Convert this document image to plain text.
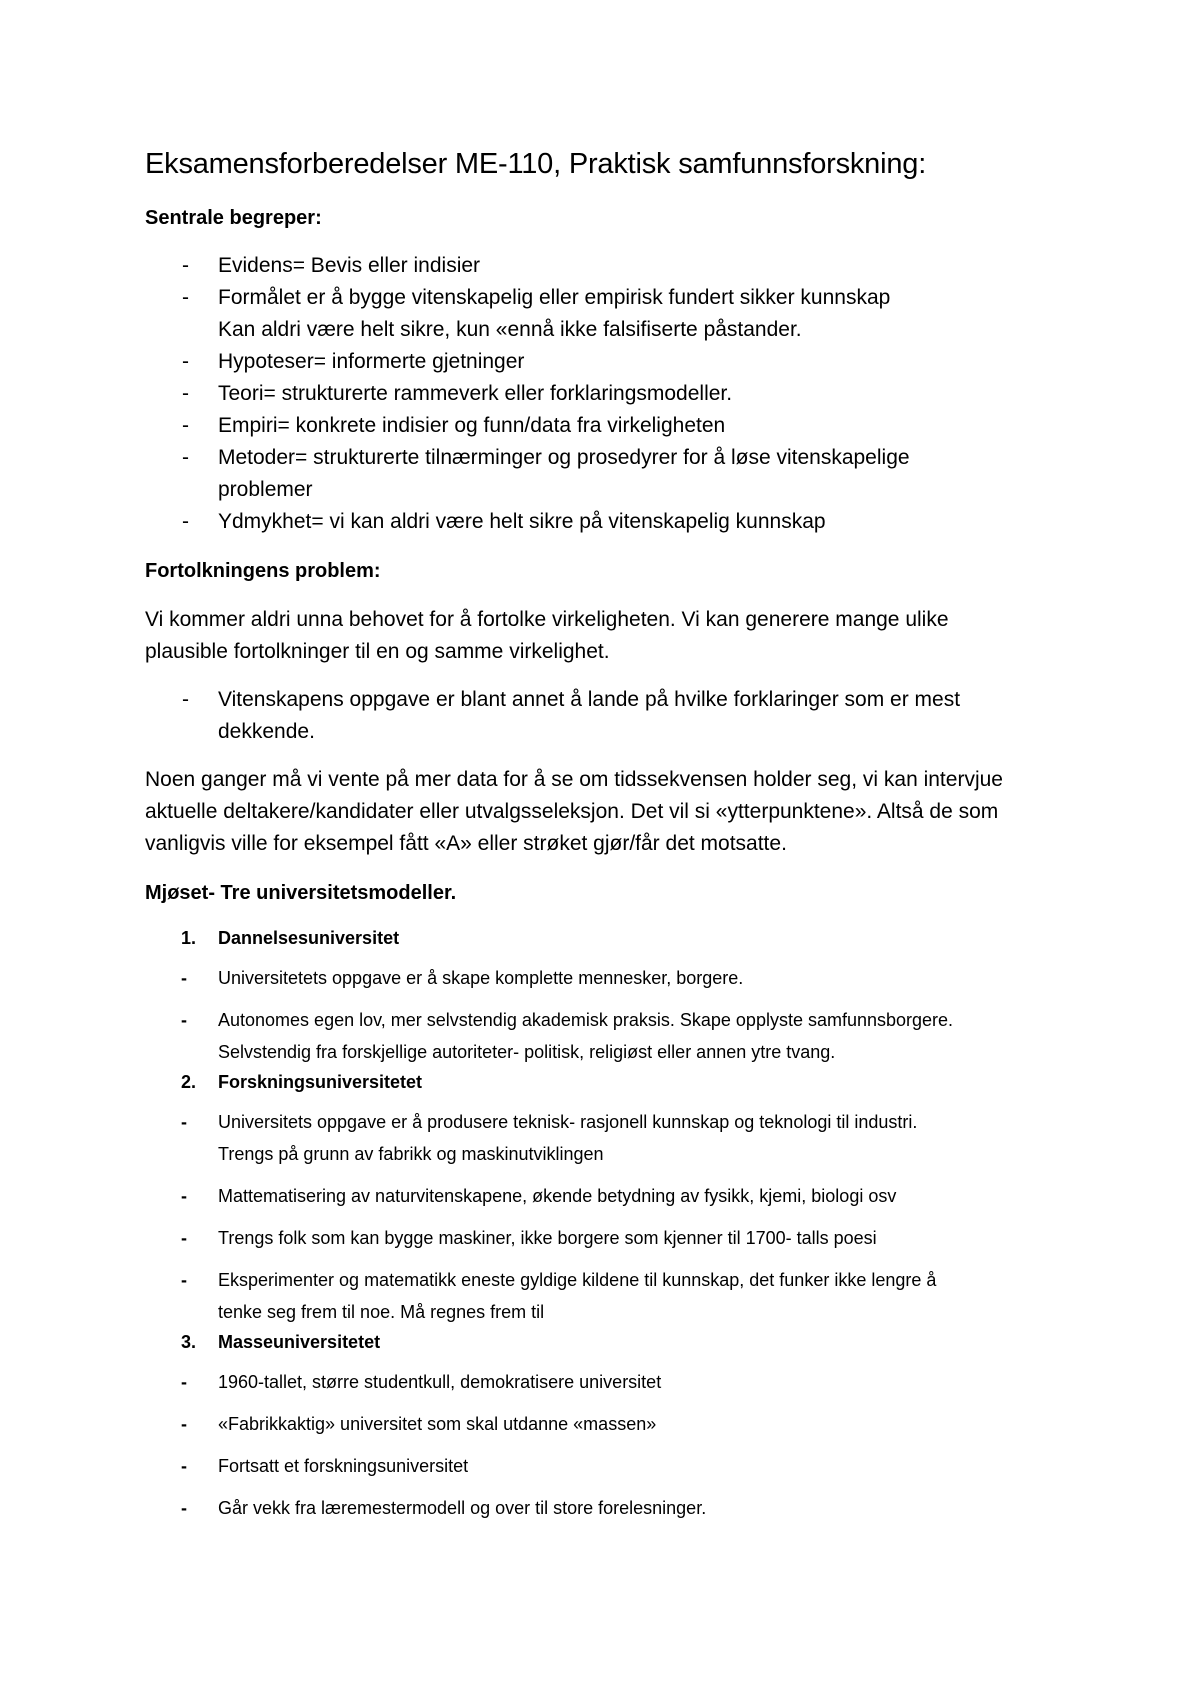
Eksamensforberedelser ME-110, Praktisk samfunnsforskning:
Sentrale begreper:
-	Evidens= Bevis eller indisier
-	Formålet er å bygge vitenskapelig eller empirisk fundert sikker kunnskap
Kan aldri være helt sikre, kun «ennå ikke falsifiserte påstander.
-	Hypoteser= informerte gjetninger
-	Teori= strukturerte rammeverk eller forklaringsmodeller.
-	Empiri= konkrete indisier og funn/data fra virkeligheten
-	Metoder= strukturerte tilnærminger og prosedyrer for å løse vitenskapelige
problemer
-	Ydmykhet= vi kan aldri være helt sikre på vitenskapelig kunnskap
Fortolkningens problem:
Vi kommer aldri unna behovet for å fortolke virkeligheten. Vi kan generere mange ulike
plausible fortolkninger til en og samme virkelighet.
-	Vitenskapens oppgave er blant annet å lande på hvilke forklaringer som er mest
dekkende.
Noen ganger må vi vente på mer data for å se om tidssekvensen holder seg, vi kan intervjue
aktuelle deltakere/kandidater eller utvalgsseleksjon. Det vil si «ytterpunktene». Altså de som
vanligvis ville for eksempel fått «A» eller strøket gjør/får det motsatte.
Mjøset- Tre universitetsmodeller.
1. Dannelsesuniversitet
-	Universitetets oppgave er å skape komplette mennesker, borgere.
-	Autonomes egen lov, mer selvstendig akademisk praksis. Skape opplyste samfunnsborgere.
Selvstendig fra forskjellige autoriteter- politisk, religiøst eller annen ytre tvang.
2. Forskningsuniversitetet
-	Universitets oppgave er å produsere teknisk- rasjonell kunnskap og teknologi til industri.
Trengs på grunn av fabrikk og maskinutviklingen
-	Mattematisering av naturvitenskapene, økende betydning av fysikk, kjemi, biologi osv
-	Trengs folk som kan bygge maskiner, ikke borgere som kjenner til 1700- talls poesi
-	Eksperimenter og matematikk eneste gyldige kildene til kunnskap, det funker ikke lengre å
tenke seg frem til noe. Må regnes frem til
3. Masseuniversitetet
-	1960-tallet, større studentkull, demokratisere universitet
-	«Fabrikkaktig» universitet som skal utdanne «massen»
-	Fortsatt et forskningsuniversitet
-	Går vekk fra læremestermodell og over til store forelesninger.
